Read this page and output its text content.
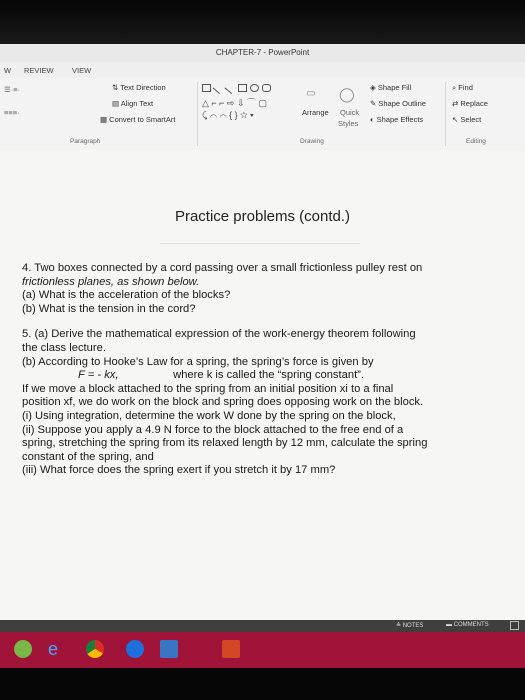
CHAPTER-7 - PowerPoint
W REVIEW VIEW
☰·≡·
≡≡≡·
⇅ Text Direction
▤ Align Text
▦ Convert to SmartArt
Paragraph
△ ⌐ ⌐ ⇨ ⇩ ⌒ ▢
⤹ ⌒ ⌒ { } ☆ ▾
▭
Arrange
◯
Quick
Styles
◈ Shape Fill
✎ Shape Outline
◐ Shape Effects
Drawing
⌕ Find
⇄ Replace
↖ Select
Editing
Practice problems (contd.)

4. Two boxes connected by a cord passing over a small frictionless pulley rest on

frictionless planes, as shown below.

(a) What is the acceleration of the blocks?

(b) What is the tension in the cord?

5. (a) Derive the mathematical expression of the work-energy theorem following

the class lecture.

(b) According to Hooke’s Law for a spring, the spring’s force is given by

F = - kx,	where k is called the “spring constant”.

If we move a block attached to the spring from an initial position xi to a final

position xf, we do work on the block and spring does opposing work on the block.

(i) Using integration, determine the work W done by the spring on the block,

(ii) Suppose you apply a 4.9 N force to the block attached to the free end of a

spring, stretching the spring from its relaxed length by 12 mm, calculate the spring

constant of the spring, and

(iii) What force does the spring exert if you stretch it by 17 mm?

≙ NOTES	▬ COMMENTS
e
